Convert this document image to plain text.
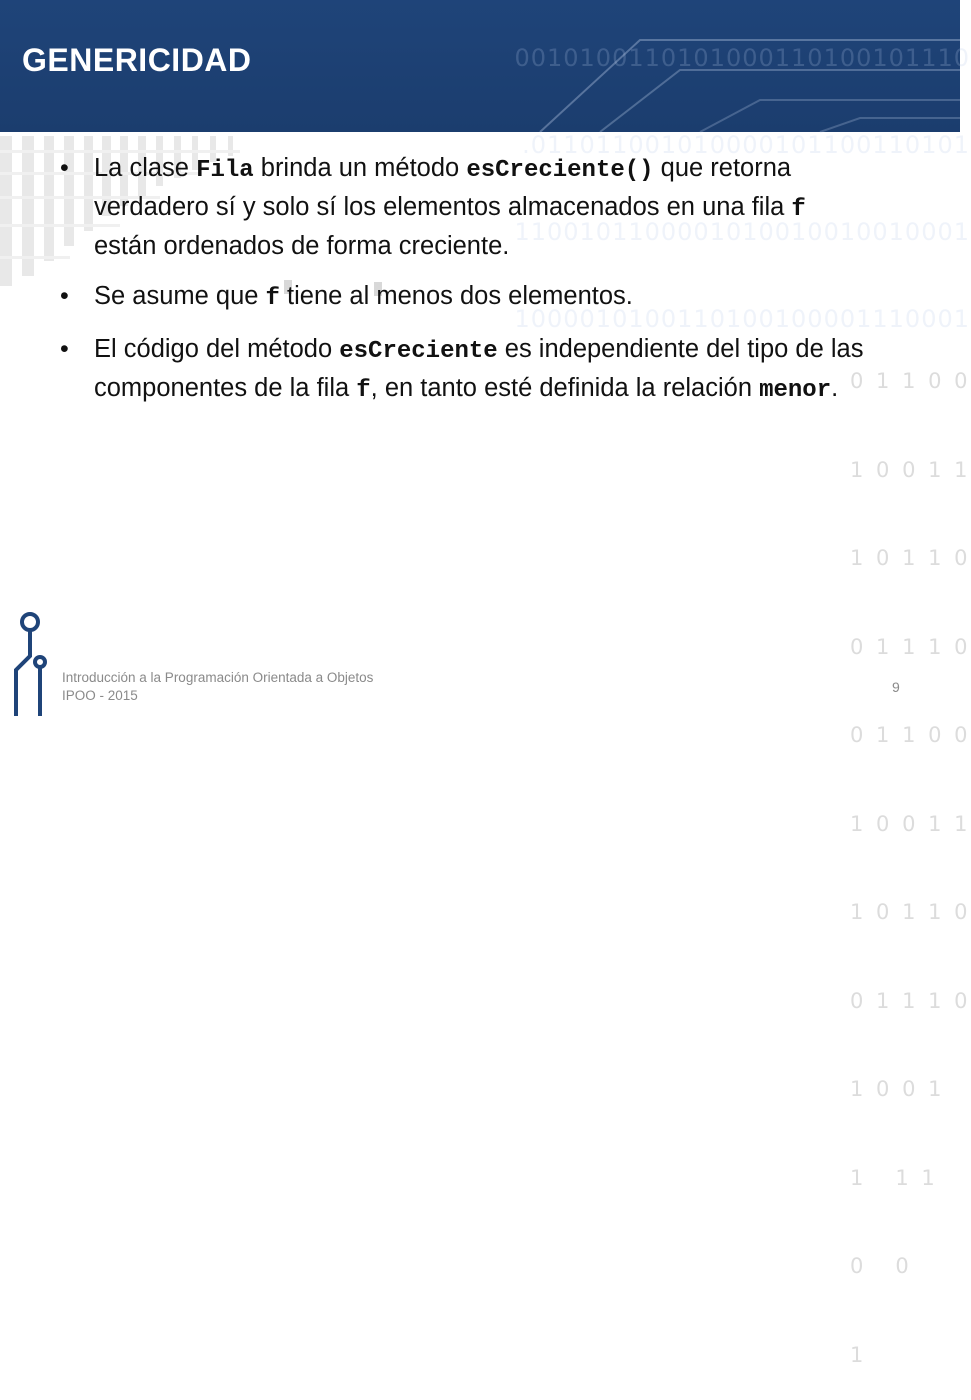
0010100110101000110100101110

.011011001010000101100110101

1100101100001010010010010001

1000010100110100100001110001

GENERICIDAD

0 1 1 0 0

1 0 0 1 1

1 0 1 1 0

0 1 1 1 0

0 1 1 0 0

1 0 0 1 1

1 0 1 1 0

0 1 1 1 0

1 0 0 1

1   1 1

0   0

1

• La clase Fila brinda un método esCreciente() que retorna verdadero sí y solo sí los elementos almacenados en una fila f están ordenados de forma creciente.

• Se asume que f tiene al menos dos elementos.

• El código del método esCreciente es independiente del tipo de las componentes de la fila f, en tanto esté definida la relación menor.

Introducción a la Programación Orientada a Objetos
IPOO - 2015
9
